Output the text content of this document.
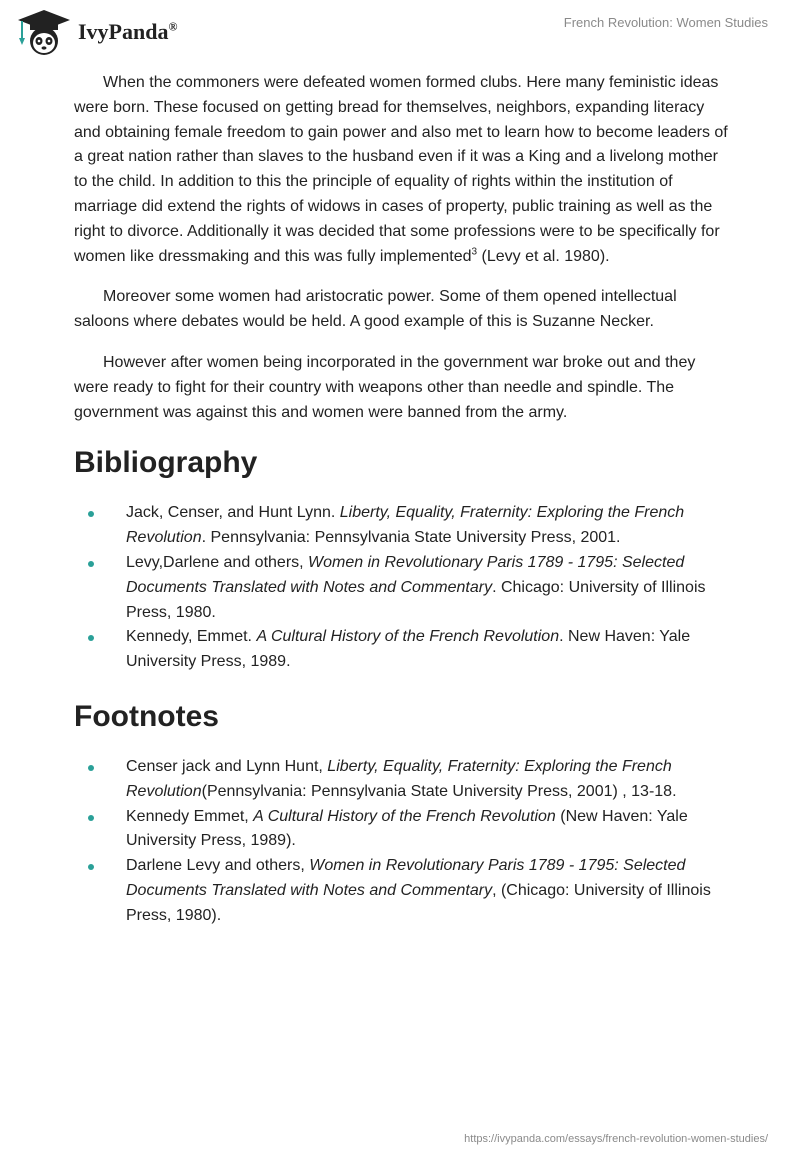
IvyPanda®	French Revolution: Women Studies

When the commoners were defeated women formed clubs. Here many feministic ideas were born. These focused on getting bread for themselves, neighbors, expanding literacy and obtaining female freedom to gain power and also met to learn how to become leaders of a great nation rather than slaves to the husband even if it was a King and a livelong mother to the child. In addition to this the principle of equality of rights within the institution of marriage did extend the rights of widows in cases of property, public training as well as the right to divorce. Additionally it was decided that some professions were to be specifically for women like dressmaking and this was fully implemented$^3$ (Levy et al. 1980).

Moreover some women had aristocratic power. Some of them opened intellectual saloons where debates would be held. A good example of this is Suzanne Necker.

However after women being incorporated in the government war broke out and they were ready to fight for their country with weapons other than needle and spindle. The government was against this and women were banned from the army.

Bibliography
Jack, Censer, and Hunt Lynn. Liberty, Equality, Fraternity: Exploring the French Revolution. Pennsylvania: Pennsylvania State University Press, 2001.
Levy,Darlene and others, Women in Revolutionary Paris 1789 - 1795: Selected Documents Translated with Notes and Commentary. Chicago: University of Illinois Press, 1980.
Kennedy, Emmet. A Cultural History of the French Revolution. New Haven: Yale University Press, 1989.
Footnotes
Censer jack and Lynn Hunt, Liberty, Equality, Fraternity: Exploring the French Revolution(Pennsylvania: Pennsylvania State University Press, 2001) , 13-18.
Kennedy Emmet, A Cultural History of the French Revolution (New Haven: Yale University Press, 1989).
Darlene Levy and others, Women in Revolutionary Paris 1789 - 1795: Selected Documents Translated with Notes and Commentary, (Chicago: University of Illinois Press, 1980).
https://ivypanda.com/essays/french-revolution-women-studies/
